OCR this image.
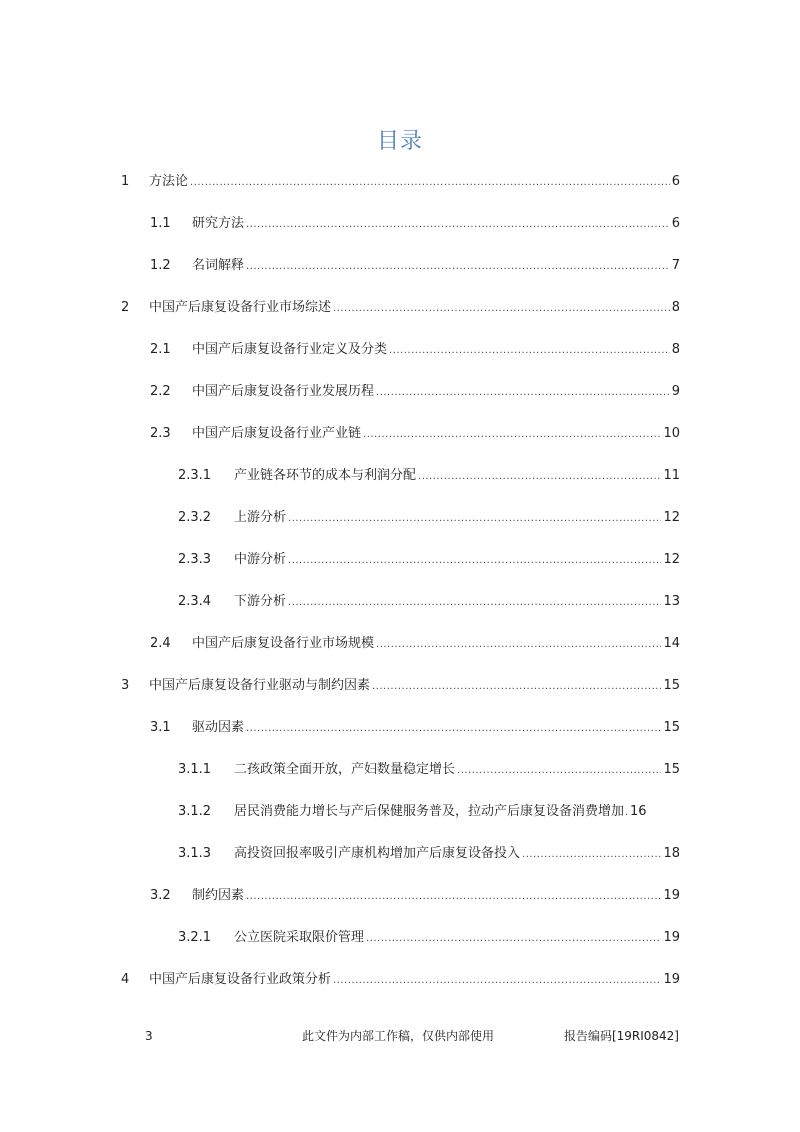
目录
1	方法论 .....	6
1.1	研究方法 .....	6
1.2	名词解释 .....	7
2	中国产后康复设备行业市场综述 .....	8
2.1	中国产后康复设备行业定义及分类 .....	8
2.2	中国产后康复设备行业发展历程 .....	9
2.3	中国产后康复设备行业产业链 .....	10
2.3.1	产业链各环节的成本与利润分配 .....	11
2.3.2	上游分析 .....	12
2.3.3	中游分析 .....	12
2.3.4	下游分析 .....	13
2.4	中国产后康复设备行业市场规模 .....	14
3	中国产后康复设备行业驱动与制约因素 .....	15
3.1	驱动因素 .....	15
3.1.1	二孩政策全面开放，产妇数量稳定增长 .....	15
3.1.2	居民消费能力增长与产后保健服务普及，拉动产后康复设备消费增加 ..... 16
3.1.3	高投资回报率吸引产康机构增加产后康复设备投入 .....	18
3.2	制约因素 .....	19
3.2.1	公立医院采取限价管理 .....	19
4	中国产后康复设备行业政策分析 .....	19
3	此文件为内部工作稿，仅供内部使用	报告编码[19RI0842]
